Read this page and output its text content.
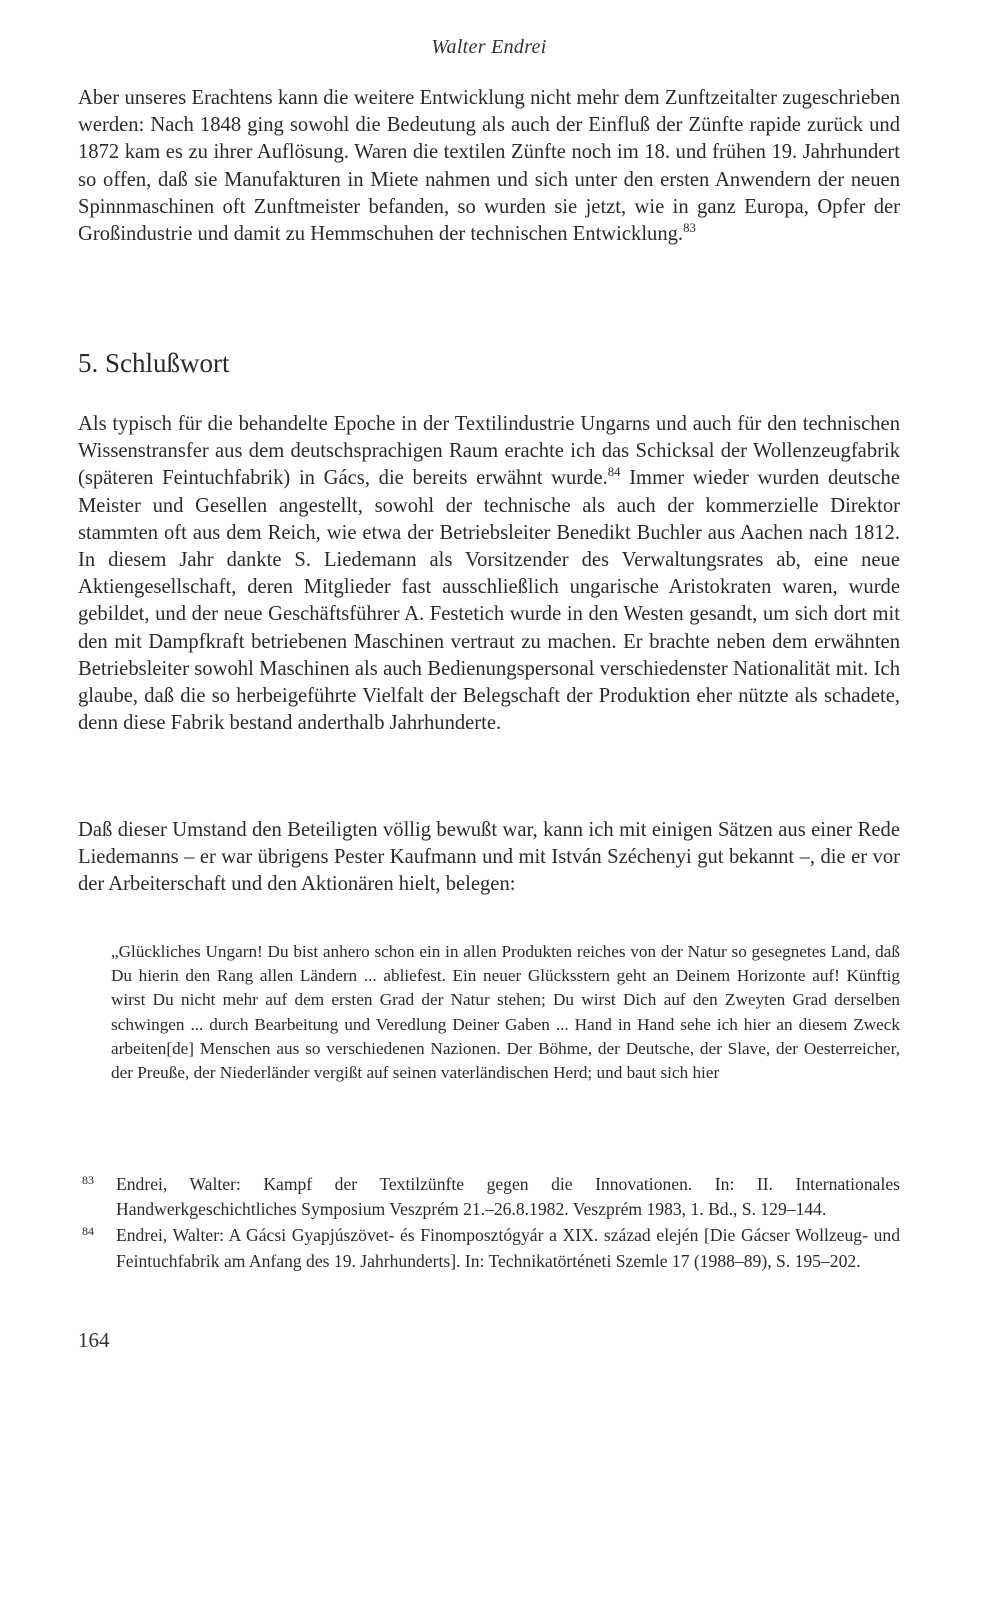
Walter Endrei

Aber unseres Erachtens kann die weitere Entwicklung nicht mehr dem Zunftzeitalter zugeschrieben werden: Nach 1848 ging sowohl die Bedeutung als auch der Einfluß der Zünfte rapide zurück und 1872 kam es zu ihrer Auflösung. Waren die textilen Zünfte noch im 18. und frühen 19. Jahrhundert so offen, daß sie Manufakturen in Miete nahmen und sich unter den ersten Anwendern der neuen Spinnmaschinen oft Zunftmeister befanden, so wurden sie jetzt, wie in ganz Europa, Opfer der Großindustrie und damit zu Hemmschuhen der technischen Entwicklung.$^{83}$

5. Schlußwort

Als typisch für die behandelte Epoche in der Textilindustrie Ungarns und auch für den technischen Wissenstransfer aus dem deutschsprachigen Raum erachte ich das Schicksal der Wollenzeugfabrik (späteren Feintuchfabrik) in Gács, die bereits erwähnt wurde.$^{84}$ Immer wieder wurden deutsche Meister und Gesellen angestellt, sowohl der technische als auch der kommerzielle Direktor stammten oft aus dem Reich, wie etwa der Betriebsleiter Benedikt Buchler aus Aachen nach 1812. In diesem Jahr dankte S. Liedemann als Vorsitzender des Verwaltungsrates ab, eine neue Aktiengesellschaft, deren Mitglieder fast ausschließlich ungarische Aristokraten waren, wurde gebildet, und der neue Geschäftsführer A. Festetich wurde in den Westen gesandt, um sich dort mit den mit Dampfkraft betriebenen Maschinen vertraut zu machen. Er brachte neben dem erwähnten Betriebsleiter sowohl Maschinen als auch Bedienungspersonal verschiedenster Nationalität mit. Ich glaube, daß die so herbeigeführte Vielfalt der Belegschaft der Produktion eher nützte als schadete, denn diese Fabrik bestand anderthalb Jahrhunderte.

Daß dieser Umstand den Beteiligten völlig bewußt war, kann ich mit einigen Sätzen aus einer Rede Liedemanns – er war übrigens Pester Kaufmann und mit István Széchenyi gut bekannt –, die er vor der Arbeiterschaft und den Aktionären hielt, belegen:

„Glückliches Ungarn! Du bist anhero schon ein in allen Produkten reiches von der Natur so gesegnetes Land, daß Du hierin den Rang allen Ländern ... abliefest. Ein neuer Glücksstern geht an Deinem Horizonte auf! Künftig wirst Du nicht mehr auf dem ersten Grad der Natur stehen; Du wirst Dich auf den Zweyten Grad derselben schwingen ... durch Bearbeitung und Veredlung Deiner Gaben ... Hand in Hand sehe ich hier an diesem Zweck arbeiten[de] Menschen aus so verschiedenen Nazionen. Der Böhme, der Deutsche, der Slave, der Oesterreicher, der Preuße, der Niederländer vergißt auf seinen vaterländischen Herd; und baut sich hier

83 Endrei, Walter: Kampf der Textilzünfte gegen die Innovationen. In: II. Internationales Handwerkgeschichtliches Symposium Veszprém 21.–26.8.1982. Veszprém 1983, 1. Bd., S. 129–144.

84 Endrei, Walter: A Gácsi Gyapjúszövet- és Finomposztógyár a XIX. század elején [Die Gácser Wollzeug- und Feintuchfabrik am Anfang des 19. Jahrhunderts]. In: Technikatörténeti Szemle 17 (1988–89), S. 195–202.

164
